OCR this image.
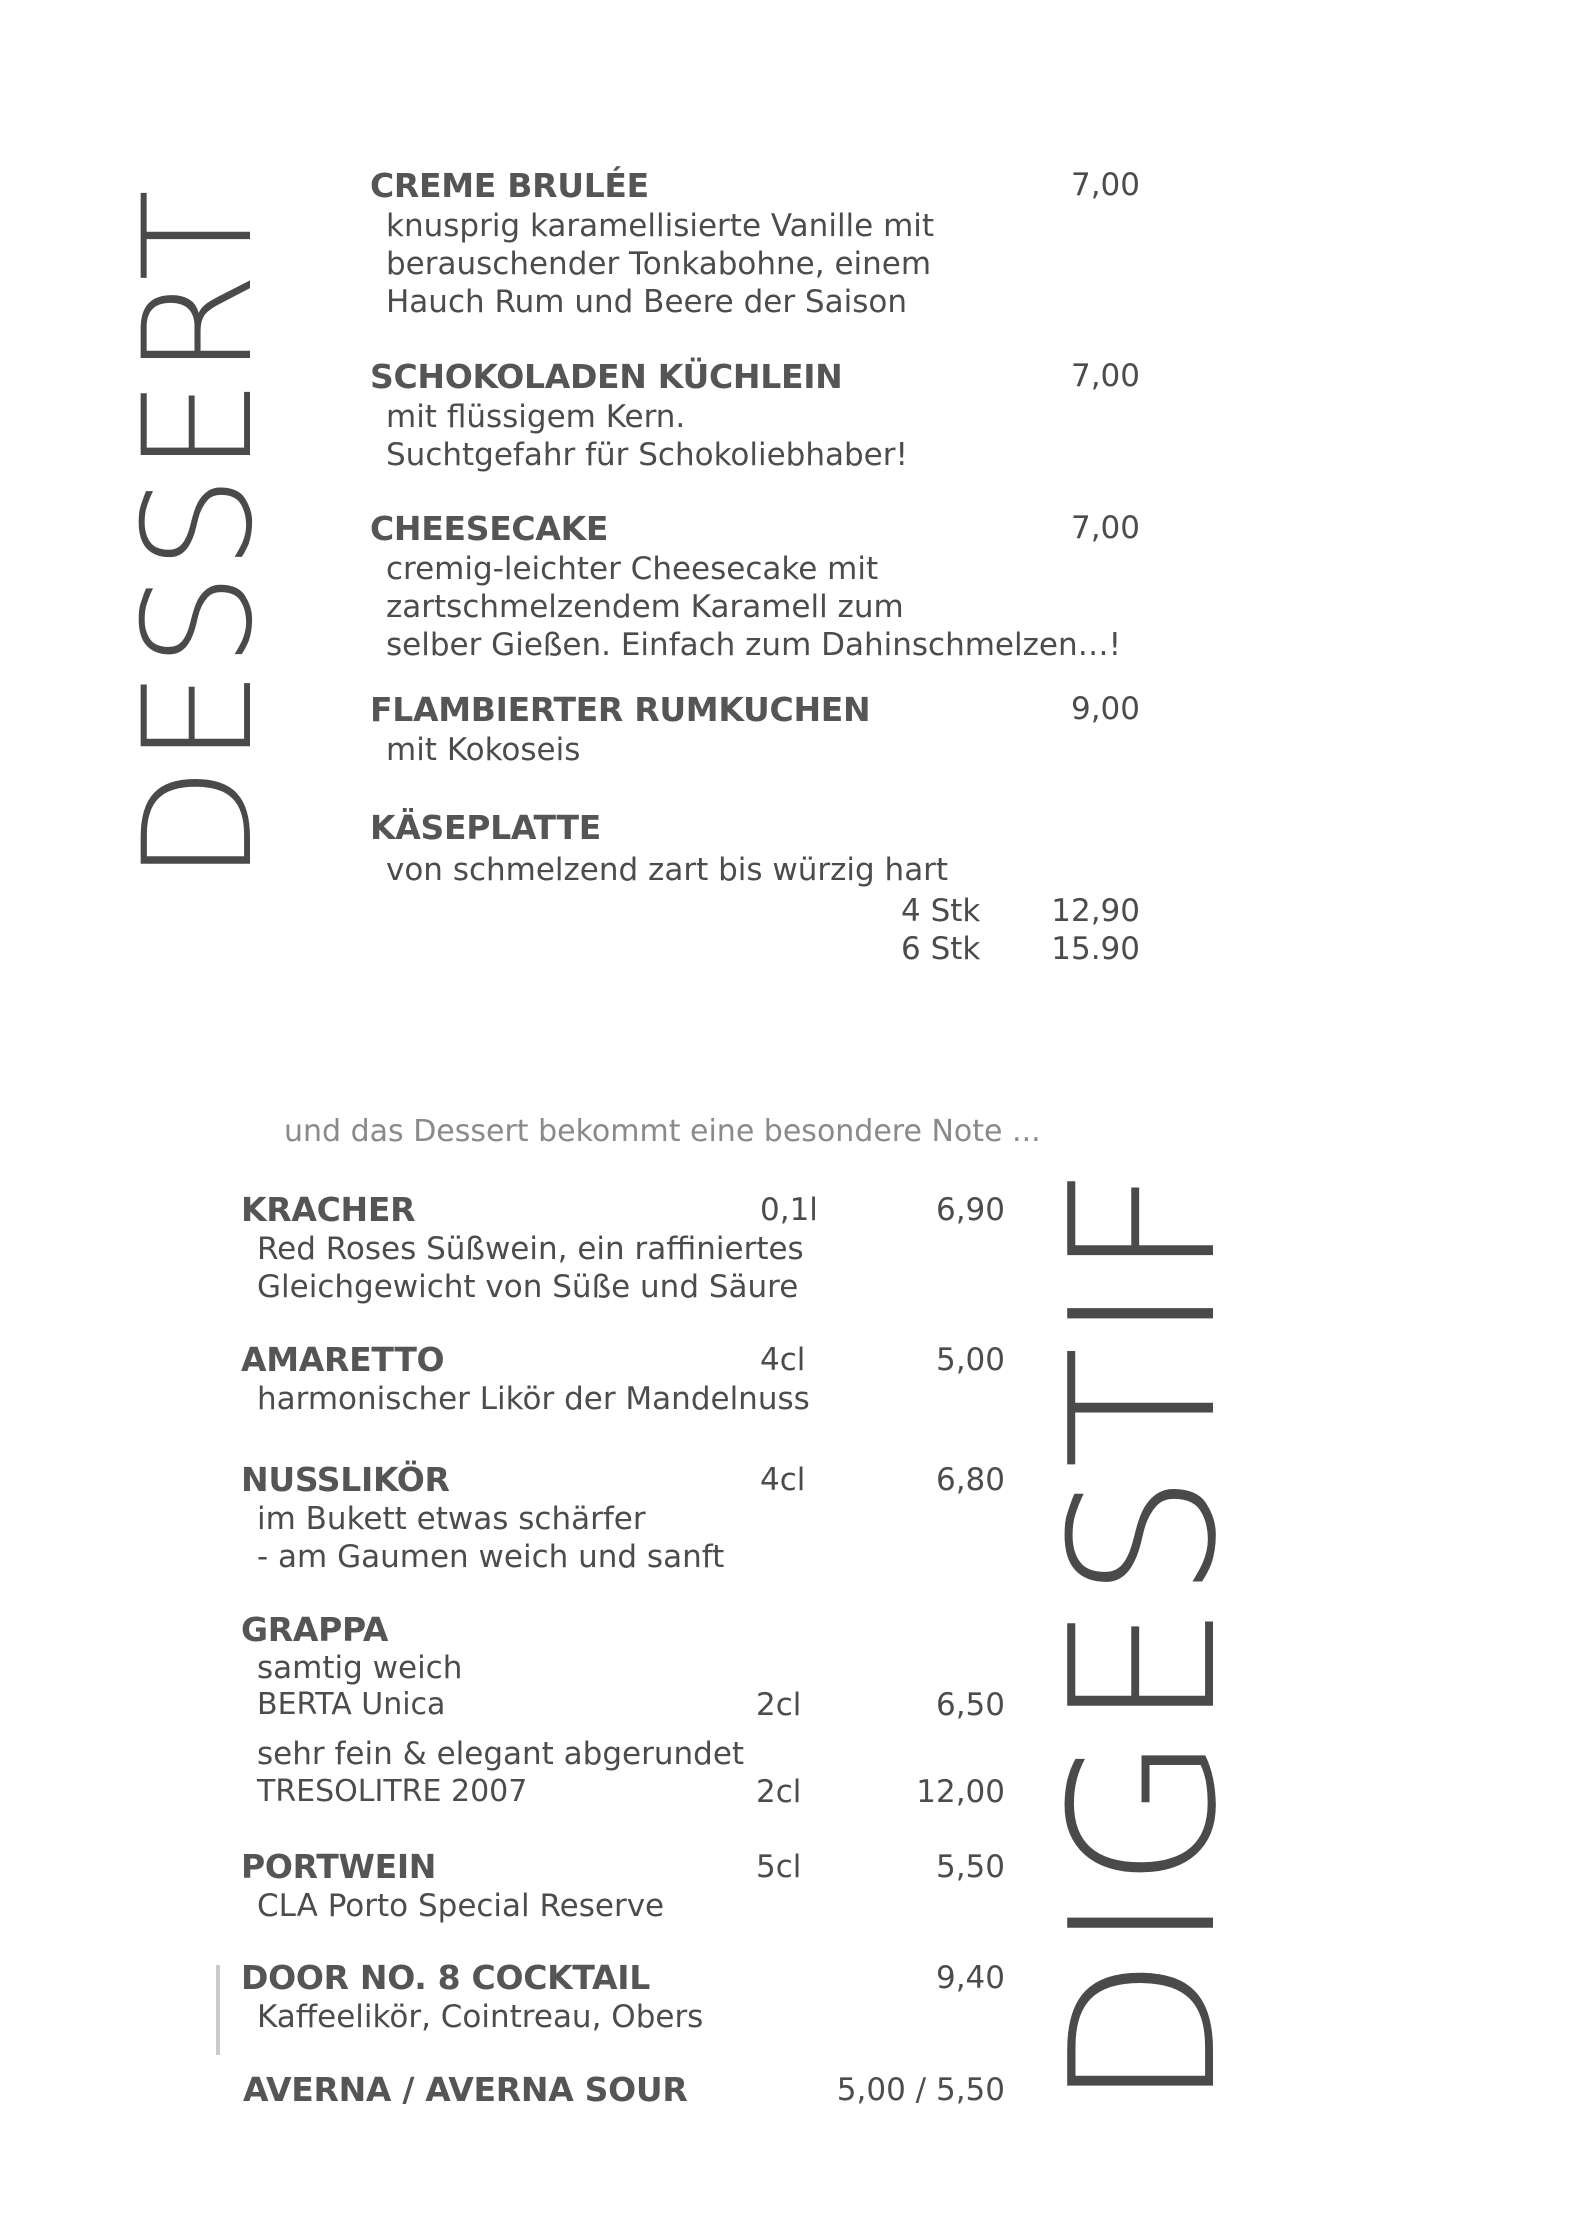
DESSERT
DIGESTIF
CREME BRULÉE	7,00
knusprig karamellisierte Vanille mit
berauschender Tonkabohne, einem
Hauch Rum und Beere der Saison
SCHOKOLADEN KÜCHLEIN	7,00
mit flüssigem Kern.
Suchtgefahr für Schokoliebhaber!
CHEESECAKE	7,00
cremig-leichter Cheesecake mit
zartschmelzendem Karamell zum
selber Gießen. Einfach zum Dahinschmelzen…!
FLAMBIERTER RUMKUCHEN	9,00
mit Kokoseis
KÄSEPLATTE
von schmelzend zart bis würzig hart
4 Stk 12,90
6 Stk 15.90
und das Dessert bekommt eine besondere Note ...
KRACHER	0,1l	6,90
Red Roses Süßwein, ein raffiniertes
Gleichgewicht von Süße und Säure
AMARETTO	4cl	5,00
harmonischer Likör der Mandelnuss
NUSSLIKÖR	4cl	6,80
im Bukett etwas schärfer
- am Gaumen weich und sanft
GRAPPA
samtig weich
BERTA Unica	2cl	6,50
sehr fein & elegant abgerundet
TRESOLITRE 2007	2cl	12,00
PORTWEIN	5cl	5,50
CLA Porto Special Reserve
DOOR NO. 8 COCKTAIL	9,40
Kaffeelikör, Cointreau, Obers
AVERNA / AVERNA SOUR	5,00 / 5,50
